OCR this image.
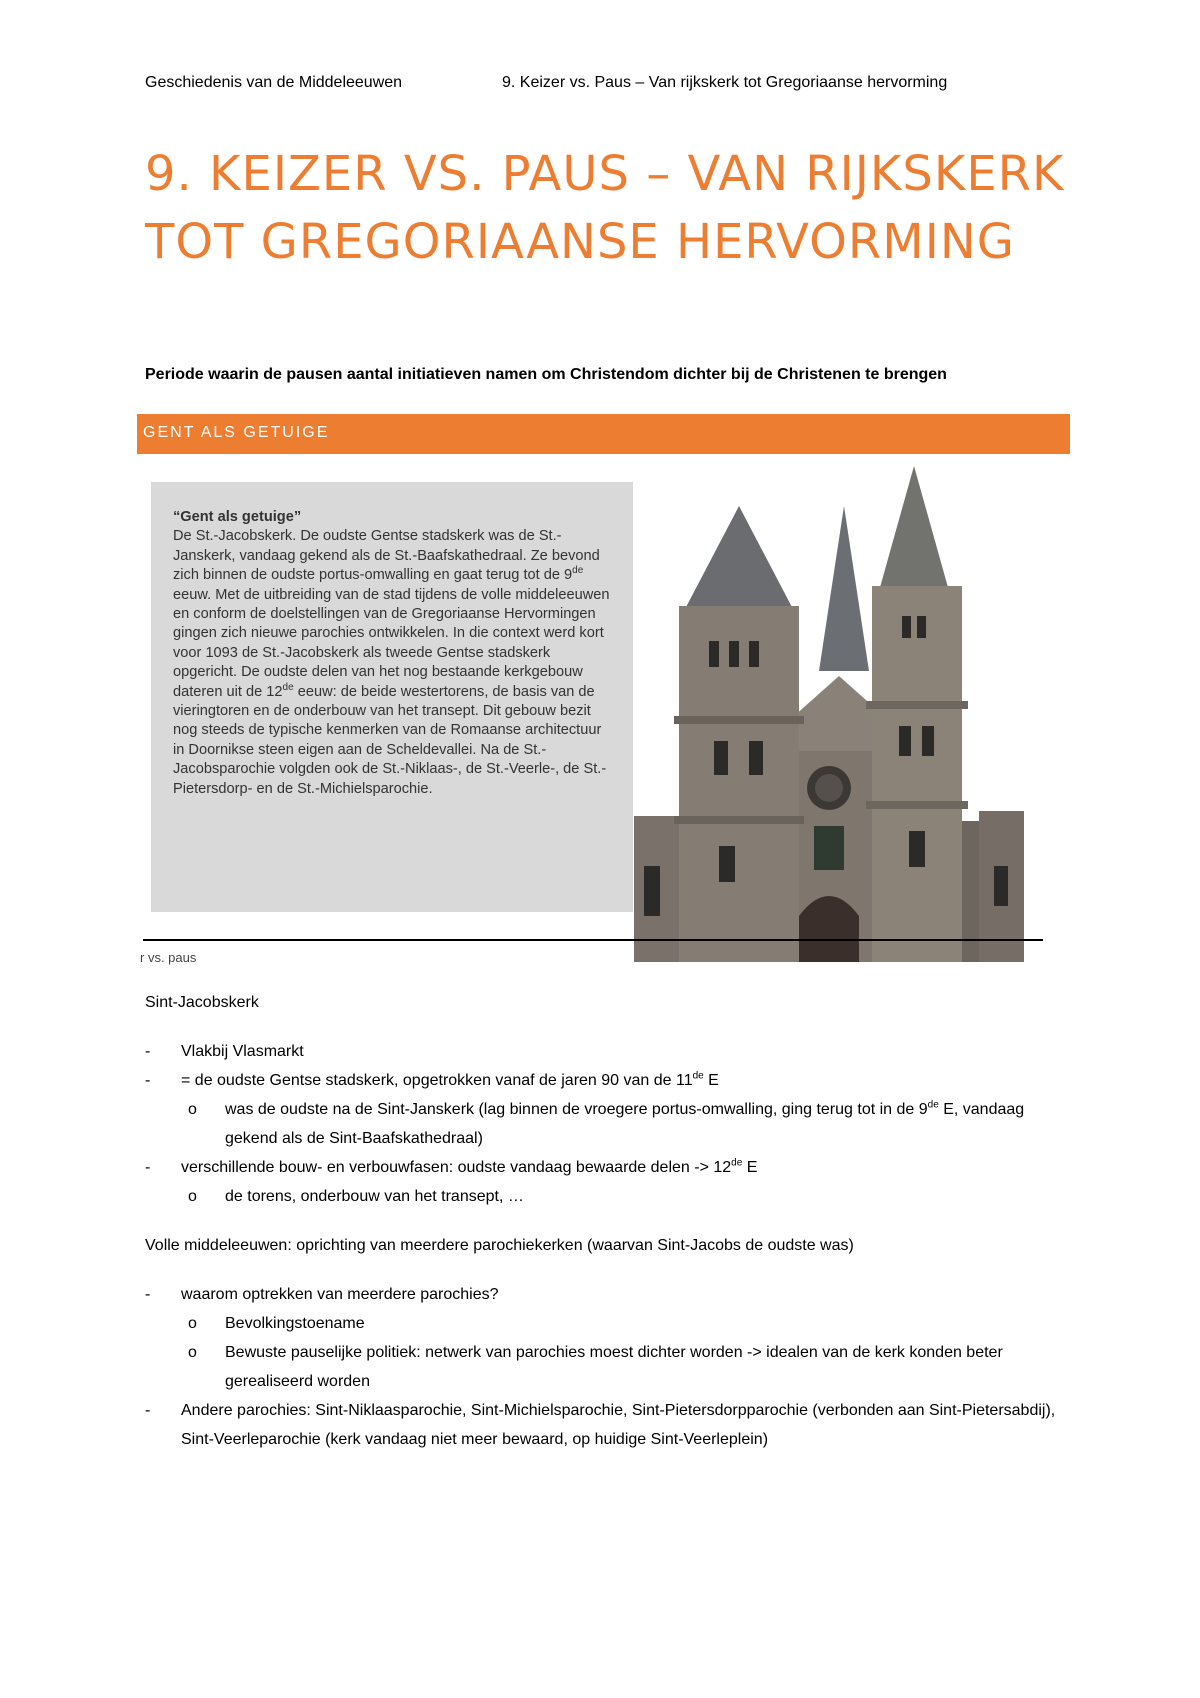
Geschiedenis van de Middeleeuwen	9. Keizer vs. Paus – Van rijkskerk tot Gregoriaanse hervorming
9. KEIZER VS. PAUS – VAN RIJKSKERK TOT GREGORIAANSE HERVORMING
Periode waarin de pausen aantal initiatieven namen om Christendom dichter bij de Christenen te brengen
GENT ALS GETUIGE
“Gent als getuige”
De St.-Jacobskerk. De oudste Gentse stadskerk was de St.-Janskerk, vandaag gekend als de St.-Baafskathedraal. Ze bevond zich binnen de oudste portus-omwalling en gaat terug tot de 9de eeuw. Met de uitbreiding van de stad tijdens de volle middeleeuwen en conform de doelstellingen van de Gregoriaanse Hervormingen gingen zich nieuwe parochies ontwikkelen. In die context werd kort voor 1093 de St.-Jacobskerk als tweede Gentse stadskerk opgericht. De oudste delen van het nog bestaande kerkgebouw dateren uit de 12de eeuw: de beide westertorens, de basis van de vieringtoren en de onderbouw van het transept. Dit gebouw bezit nog steeds de typische kenmerken van de Romaanse architectuur in Doornikse steen eigen aan de Scheldevallei. Na de St.-Jacobsparochie volgden ook de St.-Niklaas-, de St.-Veerle-, de St.-Pietersdorp- en de St.-Michielsparochie.
r vs. paus

Sint-Jacobskerk

- Vlakbij Vlasmarkt
- = de oudste Gentse stadskerk, opgetrokken vanaf de jaren 90 van de 11de E
o was de oudste na de Sint-Janskerk (lag binnen de vroegere portus-omwalling, ging terug tot in de 9de E, vandaag gekend als de Sint-Baafskathedraal)
- verschillende bouw- en verbouwfasen: oudste vandaag bewaarde delen -> 12de E
o de torens, onderbouw van het transept, …

Volle middeleeuwen: oprichting van meerdere parochiekerken (waarvan Sint-Jacobs de oudste was)

- waarom optrekken van meerdere parochies?
o Bevolkingstoename
o Bewuste pauselijke politiek: netwerk van parochies moest dichter worden -> idealen van de kerk konden beter gerealiseerd worden
- Andere parochies: Sint-Niklaasparochie, Sint-Michielsparochie, Sint-Pietersdorpparochie (verbonden aan Sint-Pietersabdij), Sint-Veerleparochie (kerk vandaag niet meer bewaard, op huidige Sint-Veerleplein)
